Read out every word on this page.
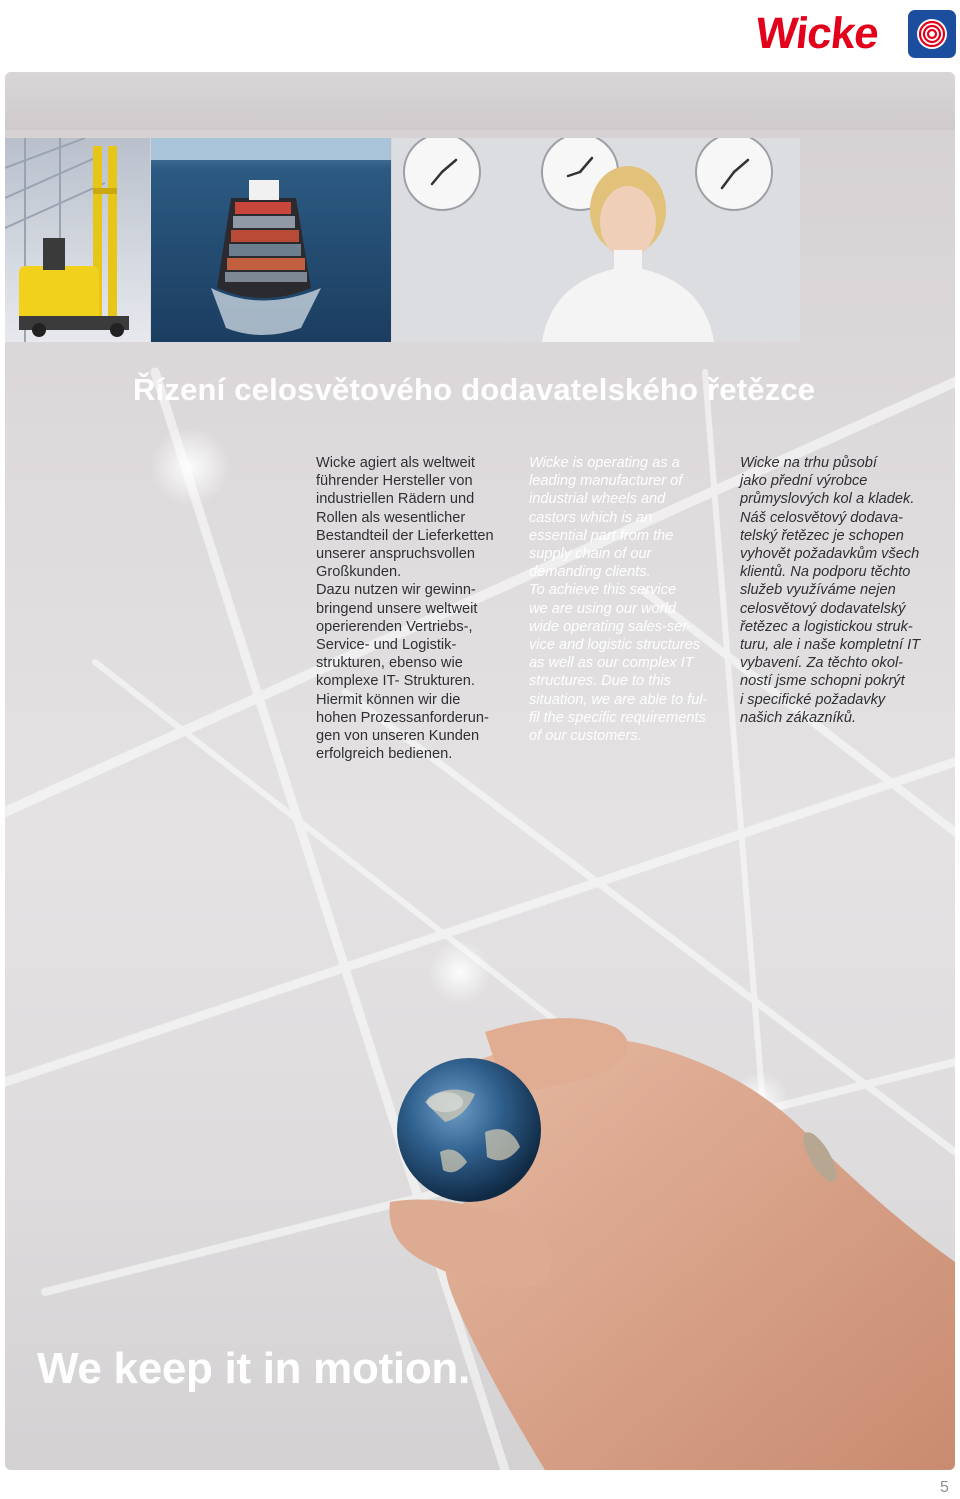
Wicke
Řízení celosvětového dodavatelského řetězce

Wicke agiert als weltweit
führender Hersteller von
industriellen Rädern und
Rollen als wesentlicher
Bestandteil der Lieferketten
unserer anspruchsvollen
Großkunden.
Dazu nutzen wir gewinn-
bringend unsere weltweit
operierenden Vertriebs-,
Service- und Logistik-
strukturen, ebenso wie
komplexe IT- Strukturen.
Hiermit können wir die
hohen Prozessanforderun-
gen von unseren Kunden
erfolgreich bedienen.

Wicke is operating as a
leading manufacturer of
industrial wheels and
castors which is an
essential part from the
supply chain of our
demanding clients.
To achieve this service
we are using our world
wide operating sales-ser-
vice and logistic structures
as well as our complex IT
structures. Due to this
situation, we are able to ful-
fil the specific requirements
of our customers.

Wicke na trhu působí
jako přední výrobce
průmyslových kol a kladek.
Náš celosvětový dodava-
telský řetězec je schopen
vyhovět požadavkům všech
klientů. Na podporu těchto
služeb využíváme nejen
celosvětový dodavatelský
řetězec a logistickou struk-
turu, ale i naše kompletní IT
vybavení. Za těchto okol-
ností jsme schopni pokrýt
i specifické požadavky
našich zákazníků.

We keep it in motion.
5
